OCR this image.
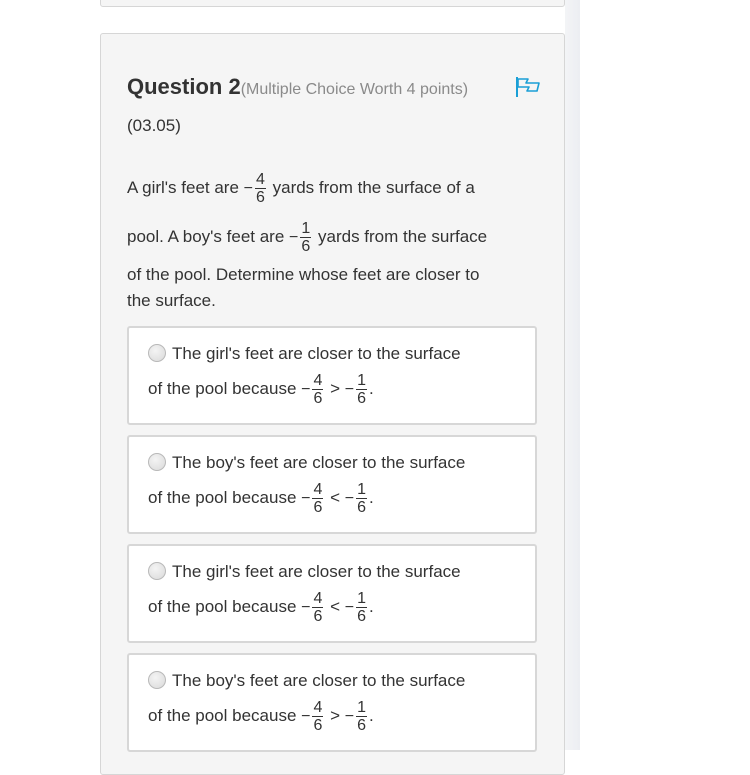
Question 2(Multiple Choice Worth 4 points)
(03.05)
A girl's feet are − $\frac{4}{6}$ yards from the surface of a
pool. A boy's feet are − $\frac{1}{6}$ yards from the surface
of the pool. Determine whose feet are closer to
the surface.
The girl's feet are closer to the surface
of the pool because − $\frac{4}{6}$ > − $\frac{1}{6}$ .
The boy's feet are closer to the surface
of the pool because − $\frac{4}{6}$ < − $\frac{1}{6}$ .
The girl's feet are closer to the surface
of the pool because − $\frac{4}{6}$ < − $\frac{1}{6}$ .
The boy's feet are closer to the surface
of the pool because − $\frac{4}{6}$ > − $\frac{1}{6}$ .
